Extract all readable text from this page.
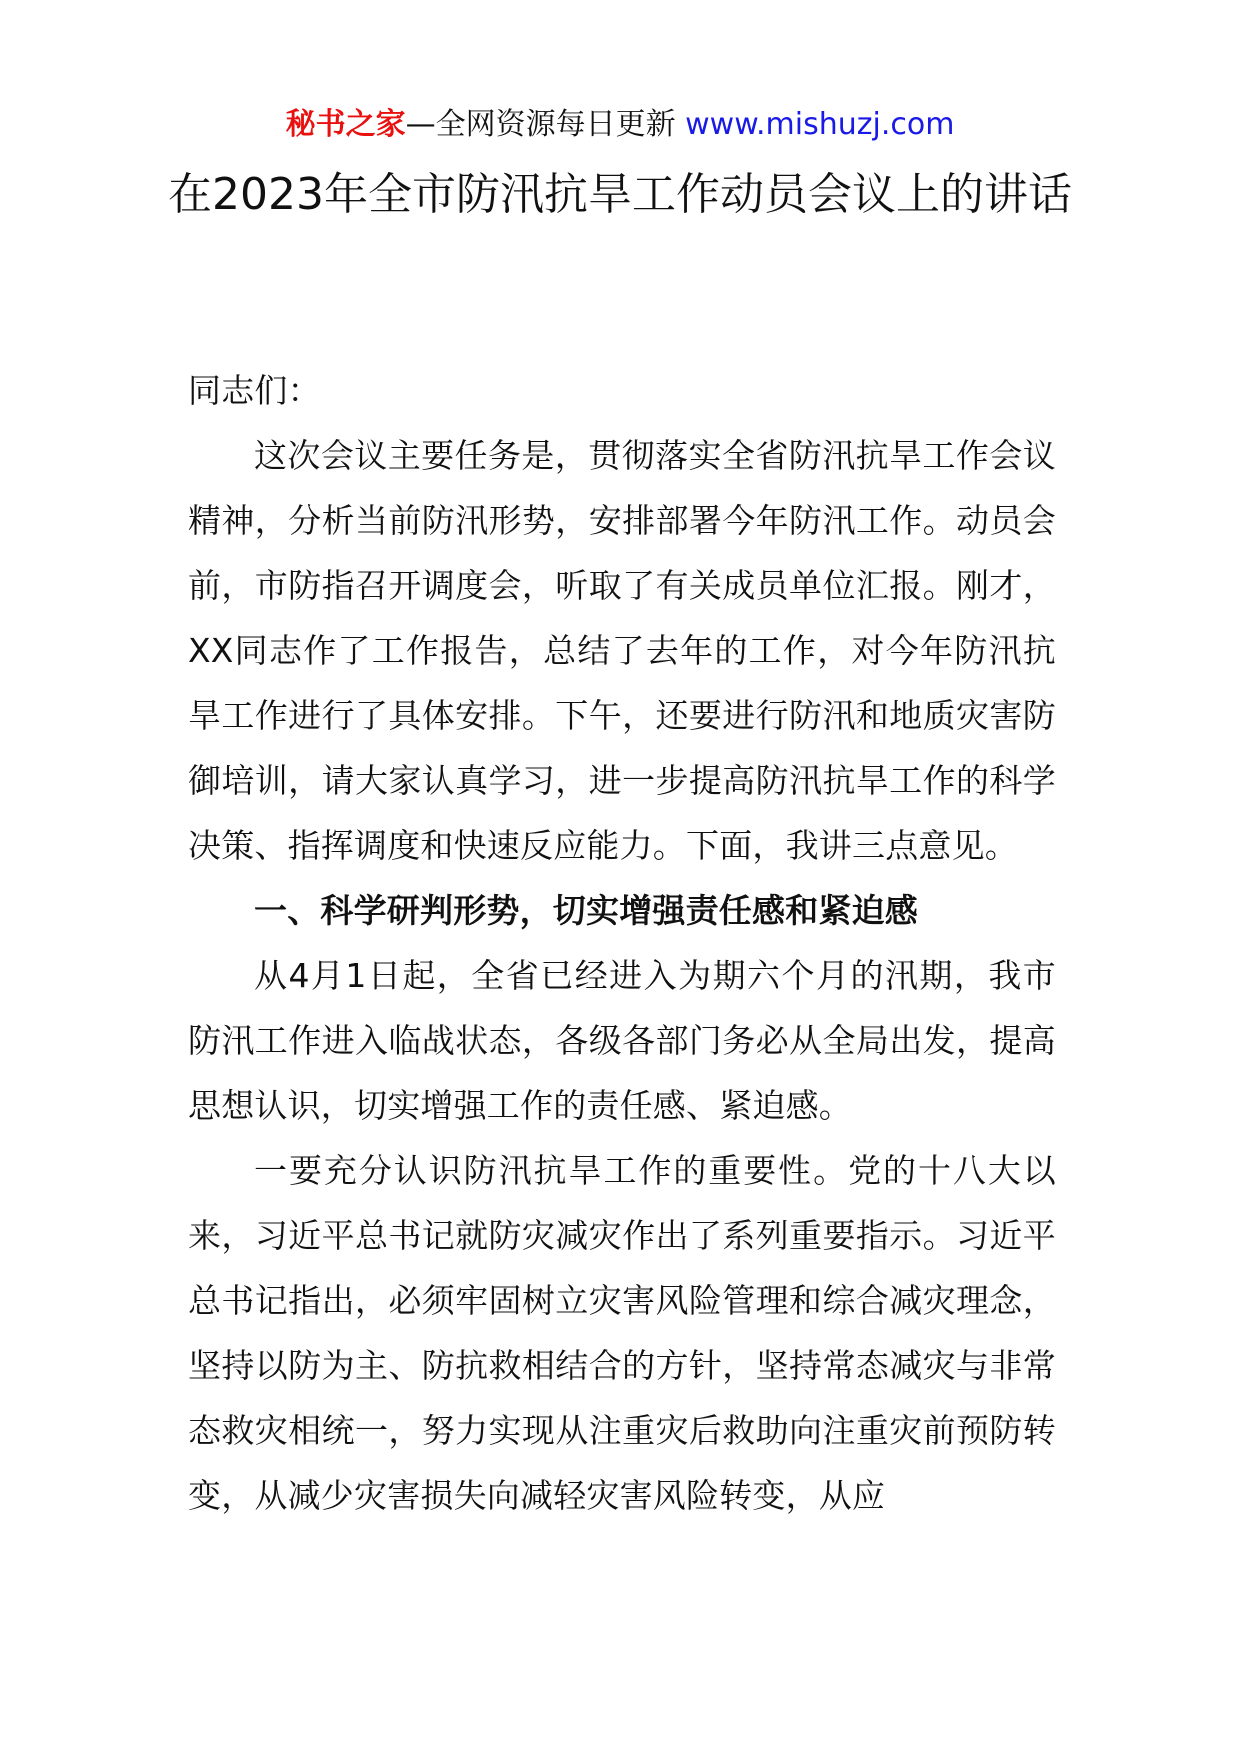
秘书之家—全网资源每日更新 www.mishuzj.com
在2023年全市防汛抗旱工作动员会议上的讲话

同志们：

这次会议主要任务是，贯彻落实全省防汛抗旱工作会议精神，分析当前防汛形势，安排部署今年防汛工作。动员会前，市防指召开调度会，听取了有关成员单位汇报。刚才，XX同志作了工作报告，总结了去年的工作，对今年防汛抗旱工作进行了具体安排。下午，还要进行防汛和地质灾害防御培训，请大家认真学习，进一步提高防汛抗旱工作的科学决策、指挥调度和快速反应能力。下面，我讲三点意见。

一、科学研判形势，切实增强责任感和紧迫感

从4月1日起，全省已经进入为期六个月的汛期，我市防汛工作进入临战状态，各级各部门务必从全局出发，提高思想认识，切实增强工作的责任感、紧迫感。

一要充分认识防汛抗旱工作的重要性。党的十八大以来，习近平总书记就防灾减灾作出了系列重要指示。习近平总书记指出，必须牢固树立灾害风险管理和综合减灾理念，坚持以防为主、防抗救相结合的方针，坚持常态减灾与非常态救灾相统一，努力实现从注重灾后救助向注重灾前预防转变，从减少灾害损失向减轻灾害风险转变，从应
